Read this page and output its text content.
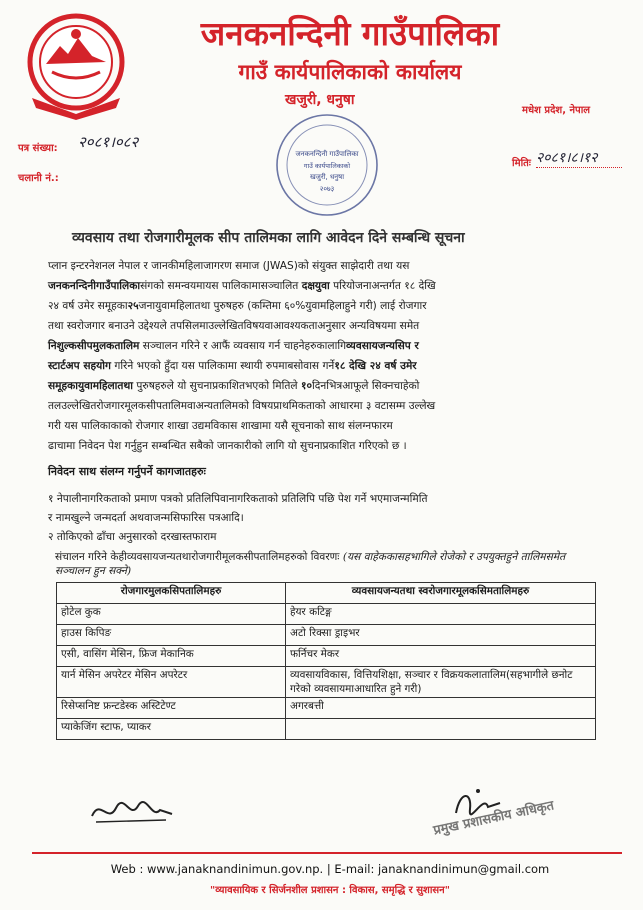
जनकनन्दिनी गाउँपालिका
गाउँ कार्यपालिकाको कार्यालय
खजुरी, धनुषा
मधेश प्रदेश, नेपाल
पत्र संख्या: २०८१।०८२
चलानी नं.:
मितिः २०८१।८।१२
जनकनन्दिनी गाउँपालिका
गाउँ कार्यपालिकाको
खजुरी, धनुषा
२०७३
व्यवसाय तथा रोजगारीमूलक सीप तालिमका लागि आवेदन दिने सम्बन्धि सूचना
प्लान इन्टरनेशनल नेपाल र जानकीमहिलाजागरण समाज (JWAS)को संयुक्त साझेदारी तथा यस
जनकनन्दिनीगाउँपालिकासंगको समन्वयमायस पालिकामासञ्चालित दक्षयुवा परियोजनाअन्तर्गत १८ देखि
२४ वर्ष उमेर समूहका२५जनायुवामहिलातथा पुरुषहरु (कम्तिमा ६०%युवामहिलाहुने गरी) लाई रोजगार
तथा स्वरोजगार बनाउने उद्देश्यले तपसिलमाउल्लेखितविषयवाआवश्यकताअनुसार अन्यविषयमा समेत
निशुल्कसीपमुलकतालिम सञ्चालन गरिने र आफैं व्यवसाय गर्न चाहनेहरुकालागिव्यवसायजन्यसिप र
स्टार्टअप सहयोग गरिने भएको हुँदा यस पालिकामा स्थायी रुपमाबसोवास गर्ने१८ देखि २४ वर्ष उमेर
समूहकायुवामहिलातथा पुरुषहरुले यो सुचनाप्रकाशितभएको मितिले १०दिनभित्रआफूले सिक्नचाहेको
तलउल्लेखितरोजगारमूलकसीपतालिमवाअन्यतालिमको विषयप्राथमिकताको आधारमा ३ वटासम्म उल्लेख
गरी यस पालिकाकाको रोजगार शाखा उद्यमविकास शाखामा यसै सूचनाको साथ संलग्नफारम
ढाचामा निवेदन पेश गर्नुहुन सम्बन्धित सबैको जानकारीको लागि यो सुचनाप्रकाशित गरिएको छ ।
निवेदन साथ संलग्न गर्नुपर्ने कागजातहरुः
१ नेपालीनागरिकताको प्रमाण पत्रको प्रतिलिपिवानागरिकताको प्रतिलिपि पछि पेश गर्ने भएमाजन्ममिति
र नामखुल्ने जन्मदर्ता अथवाजन्मसिफारिस पत्रआदि।
२ तोकिएको ढाँचा अनुसारको दरखास्तफाराम
संचालन गरिने केहीव्यवसायजन्यतथारोजगारीमूलकसीपतालिमहरुको विवरणः (यस वाहेककासहभागिले रोजेको र उपयुक्तहुने तालिमसमेत सञ्चालन हुन सक्ने)
रोजगारमुलकसिपतालिमहरु	व्यवसायजन्यतथा स्वरोजगारमूलकसिमतालिमहरु
होटेल कुक	हेयर कटिङ्ग
हाउस किपिङ	अटो रिक्सा ड्राइभर
एसी, वासिंग मेसिन, फ्रिज मेकानिक	फर्निचर मेकर
यार्न मेसिन अपरेटर मेसिन अपरेटर	व्यवसायविकास, वित्तियशिक्षा, सञ्चार र विक्रयकलातालिम(सहभागीले छनोट गरेको व्यवसायमाआधारित हुने गरी)
रिसेप्सनिष्ट फ्रन्टडेस्क अस्टिटेण्ट	अगरबत्ती
प्याकेजिंग स्टाफ, प्याकर	
प्रमुख प्रशासकीय अधिकृत
Web : www.janaknandinimun.gov.np. | E-mail: janaknandinimun@gmail.com
"व्यावसायिक र सिर्जनशील प्रशासन : विकास, समृद्धि र सुशासन"
